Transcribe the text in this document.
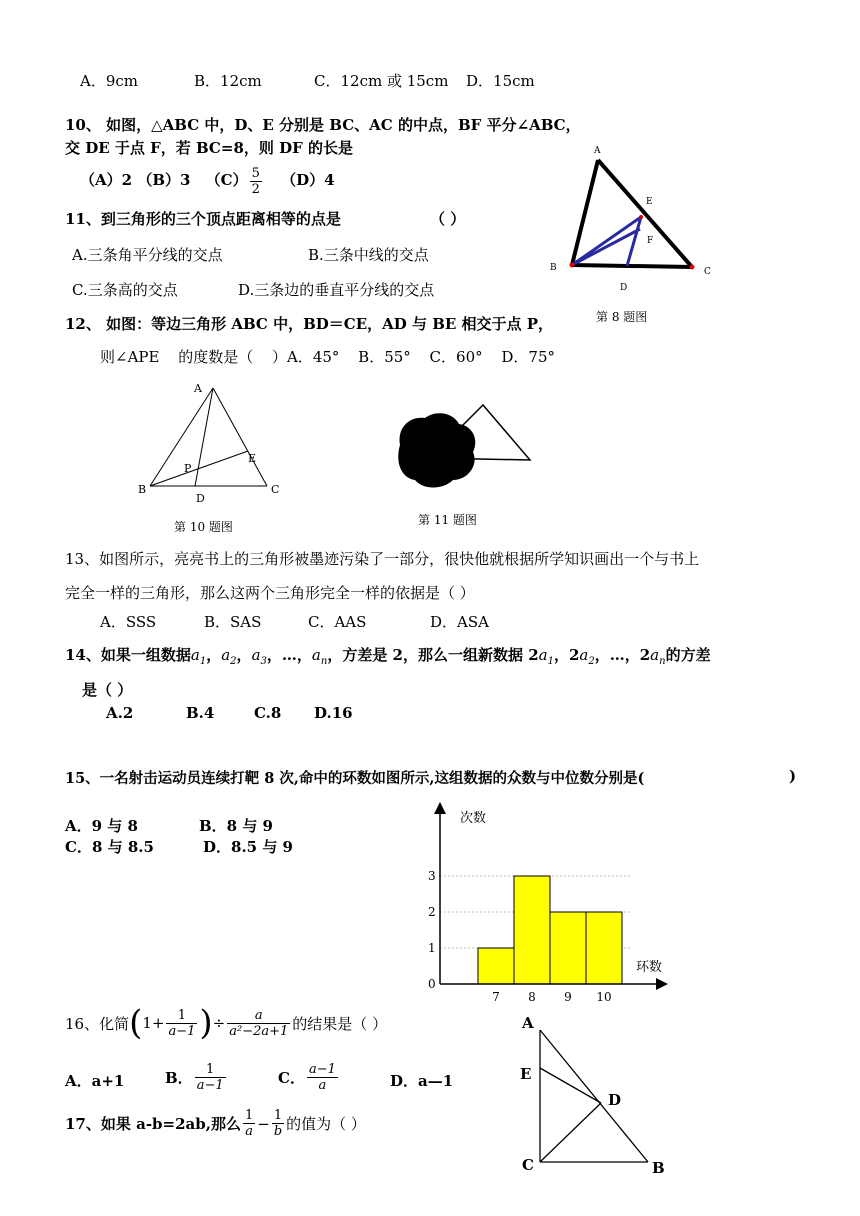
A．9cm	B．12cm	C．12cm 或 15cm D．15cm
10、 如图，△ABC 中，D、E 分别是 BC、AC 的中点，BF 平分∠ABC，
交 DE 于点 F，若 BC=8，则 DF 的长是
（A）2 （B）3 $(C) \frac{5}{2} (D)4$
A
E
F
B	C
D
第 8 题图
11、到三角形的三个顶点距离相等的点是	（ ）
A.三条角平分线的交点	B.三条中线的交点
C.三条高的交点	D.三条边的垂直平分线的交点
12、 如图：等边三角形 ABC 中，BD＝CE，AD 与 BE 相交于点 P，
则∠APE 的度数是（ ）A．45° B．55° C．60° D．75°
A
E
P
B	C
D
第 10 题图	第 11 题图
13、如图所示，亮亮书上的三角形被墨迹污染了一部分，很快他就根据所学知识画出一个与书上
完全一样的三角形，那么这两个三角形完全一样的依据是（ ）
A．SSS	B．SAS	C．AAS	D．ASA
14、如果一组数据$a_1$，$a_2$，$a_3$，…，$a_n$，方差是 2，那么一组新数据 $2a_1$，$2a_2$，…，$2a_n$的方差
是（ ）
A.2	B.4	C.8 D.16
15、一名射击运动员连续打靶 8 次,命中的环数如图所示,这组数据的众数与中位数分别是(	)
A．9 与 8	B．8 与 9
C．8 与 8.5	D．8.5 与 9
次数
环数
0
1
2
3
7 8 9 10
16、化简 ( $1+ \frac{1}{a-1}$ ) ÷ $\frac{a}{\text{a²−2a+1}}$ 的结果是（ ）
A．a+1	B． $\frac{1}{a-1}$	C． $\frac{a-1}{a}$	D．a—1
17、如果 a-b=2ab,那么 $\frac{1}{a} - \frac{1}{b}$ 的值为（ ）
A
E
D
C	B
